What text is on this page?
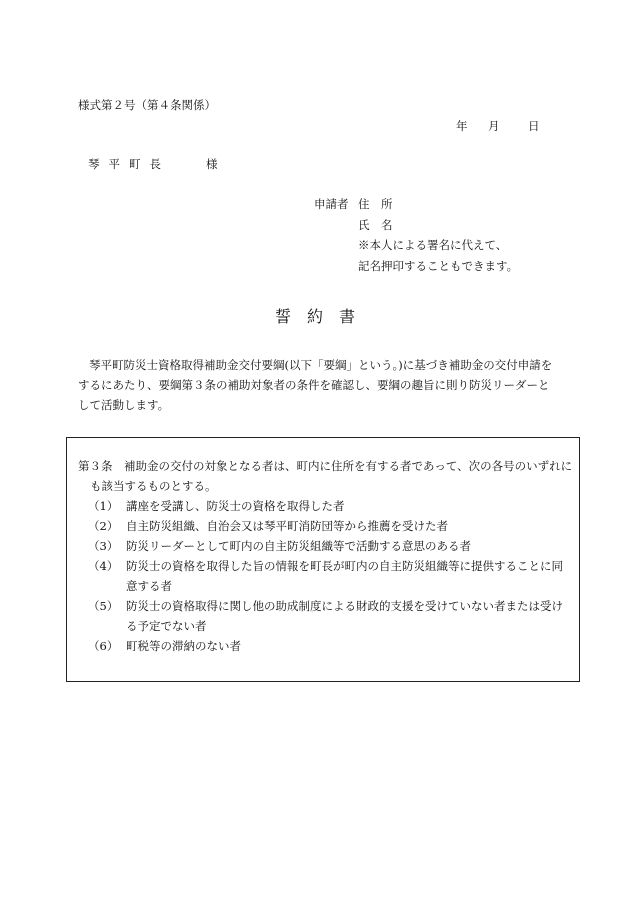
様式第２号（第４条関係）
年 月 日
琴平町長	様
申請者 住　所
氏　名
※本人による署名に代えて、
記名押印することもできます。
誓約書
琴平町防災士資格取得補助金交付要綱(以下「要綱」という。)に基づき補助金の交付申請をするにあたり、要綱第３条の補助対象者の条件を確認し、要綱の趣旨に則り防災リーダーとして活動します。
第３条　補助金の交付の対象となる者は、町内に住所を有する者であって、次の各号のいずれにも該当するものとする。
（1） 講座を受講し、防災士の資格を取得した者
（2） 自主防災組織、自治会又は琴平町消防団等から推薦を受けた者
（3） 防災リーダーとして町内の自主防災組織等で活動する意思のある者
（4） 防災士の資格を取得した旨の情報を町長が町内の自主防災組織等に提供することに同意する者
（5） 防災士の資格取得に関し他の助成制度による財政的支援を受けていない者または受ける予定でない者
（6） 町税等の滞納のない者
